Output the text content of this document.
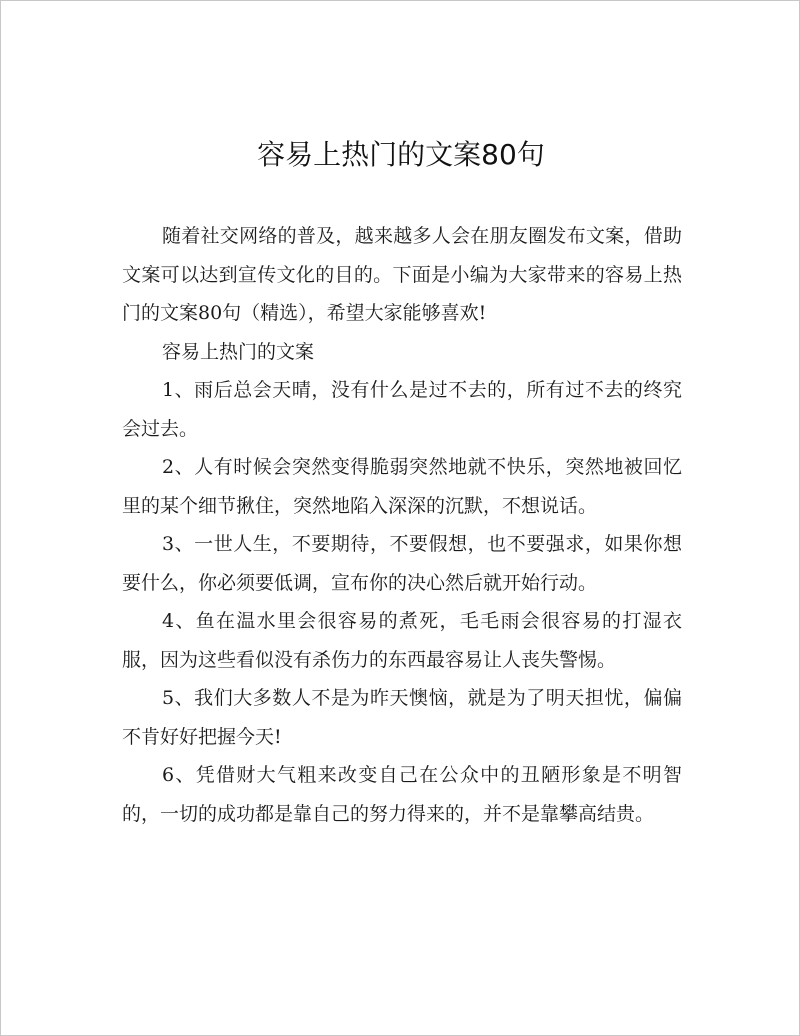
容易上热门的文案80句

随着社交网络的普及，越来越多人会在朋友圈发布文案，借助文案可以达到宣传文化的目的。下面是小编为大家带来的容易上热门的文案80句（精选），希望大家能够喜欢!

容易上热门的文案

1、雨后总会天晴，没有什么是过不去的，所有过不去的终究会过去。

2、人有时候会突然变得脆弱突然地就不快乐，突然地被回忆里的某个细节揪住，突然地陷入深深的沉默，不想说话。

3、一世人生，不要期待，不要假想，也不要强求，如果你想要什么，你必须要低调，宣布你的决心然后就开始行动。

4、鱼在温水里会很容易的煮死，毛毛雨会很容易的打湿衣服，因为这些看似没有杀伤力的东西最容易让人丧失警惕。

5、我们大多数人不是为昨天懊恼，就是为了明天担忧，偏偏不肯好好把握今天!

6、凭借财大气粗来改变自己在公众中的丑陋形象是不明智的，一切的成功都是靠自己的努力得来的，并不是靠攀高结贵。
